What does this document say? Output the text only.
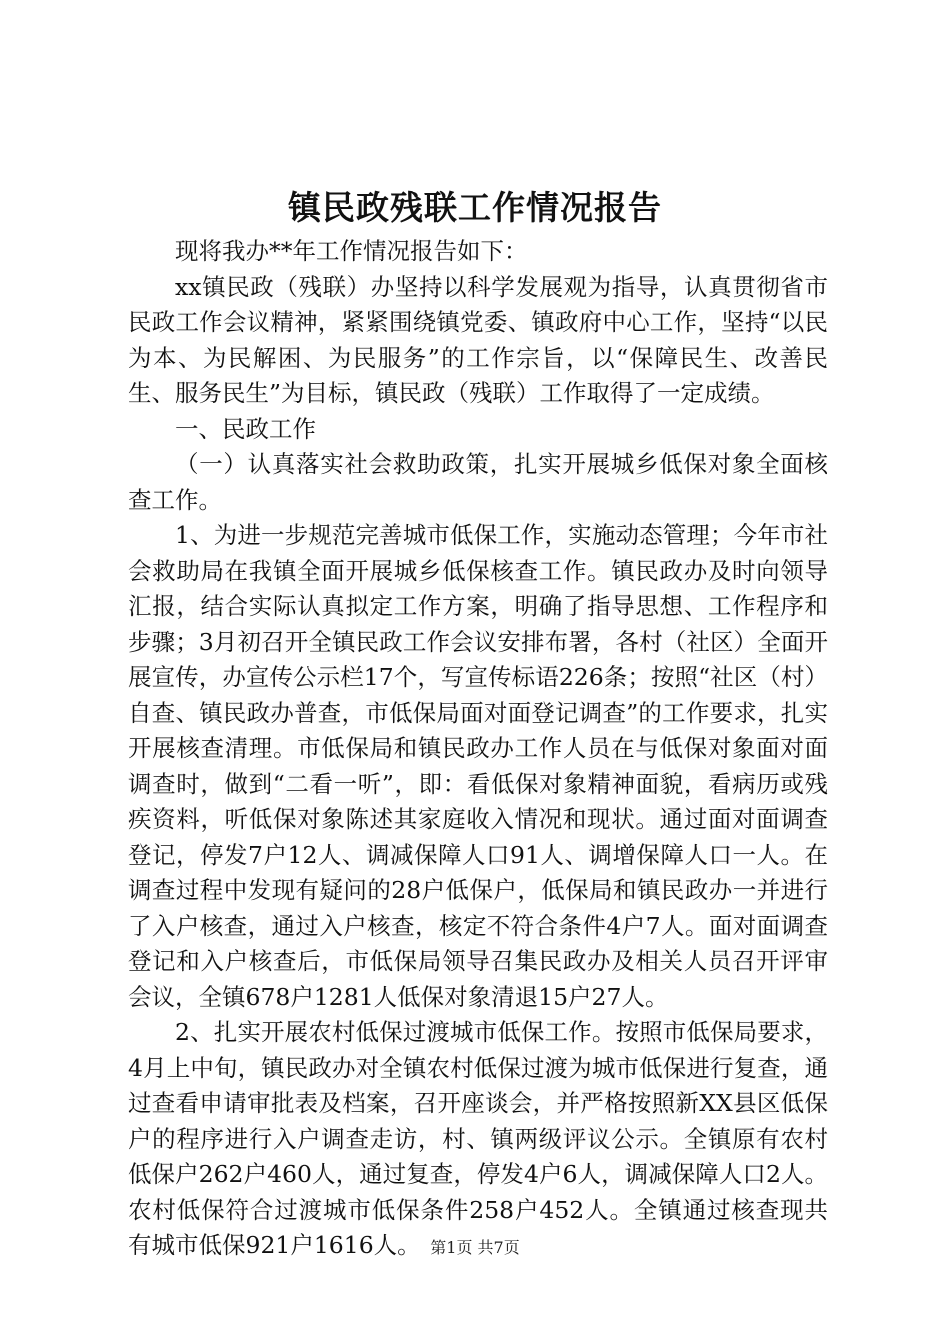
镇民政残联工作情况报告

现将我办**年工作情况报告如下：

xx镇民政（残联）办坚持以科学发展观为指导，认真贯彻省市民政工作会议精神，紧紧围绕镇党委、镇政府中心工作，坚持“以民为本、为民解困、为民服务”的工作宗旨，以“保障民生、改善民生、服务民生”为目标，镇民政（残联）工作取得了一定成绩。

一、民政工作

（一）认真落实社会救助政策，扎实开展城乡低保对象全面核查工作。

1、为进一步规范完善城市低保工作，实施动态管理；今年市社会救助局在我镇全面开展城乡低保核查工作。镇民政办及时向领导汇报，结合实际认真拟定工作方案，明确了指导思想、工作程序和步骤；3月初召开全镇民政工作会议安排布署，各村（社区）全面开展宣传，办宣传公示栏17个，写宣传标语226条；按照“社区（村）自查、镇民政办普查，市低保局面对面登记调查”的工作要求，扎实开展核查清理。市低保局和镇民政办工作人员在与低保对象面对面调查时，做到“二看一听”，即：看低保对象精神面貌，看病历或残疾资料，听低保对象陈述其家庭收入情况和现状。通过面对面调查登记，停发7户12人、调减保障人口91人、调增保障人口一人。在调查过程中发现有疑问的28户低保户，低保局和镇民政办一并进行了入户核查，通过入户核查，核定不符合条件4户7人。面对面调查登记和入户核查后，市低保局领导召集民政办及相关人员召开评审会议，全镇678户1281人低保对象清退15户27人。

2、扎实开展农村低保过渡城市低保工作。按照市低保局要求，4月上中旬，镇民政办对全镇农村低保过渡为城市低保进行复查，通过查看申请审批表及档案，召开座谈会，并严格按照新XX县区低保户的程序进行入户调查走访，村、镇两级评议公示。全镇原有农村低保户262户460人，通过复查，停发4户6人，调减保障人口2人。农村低保符合过渡城市低保条件258户452人。全镇通过核查现共有城市低保921户1616人。 第1页 共7页
